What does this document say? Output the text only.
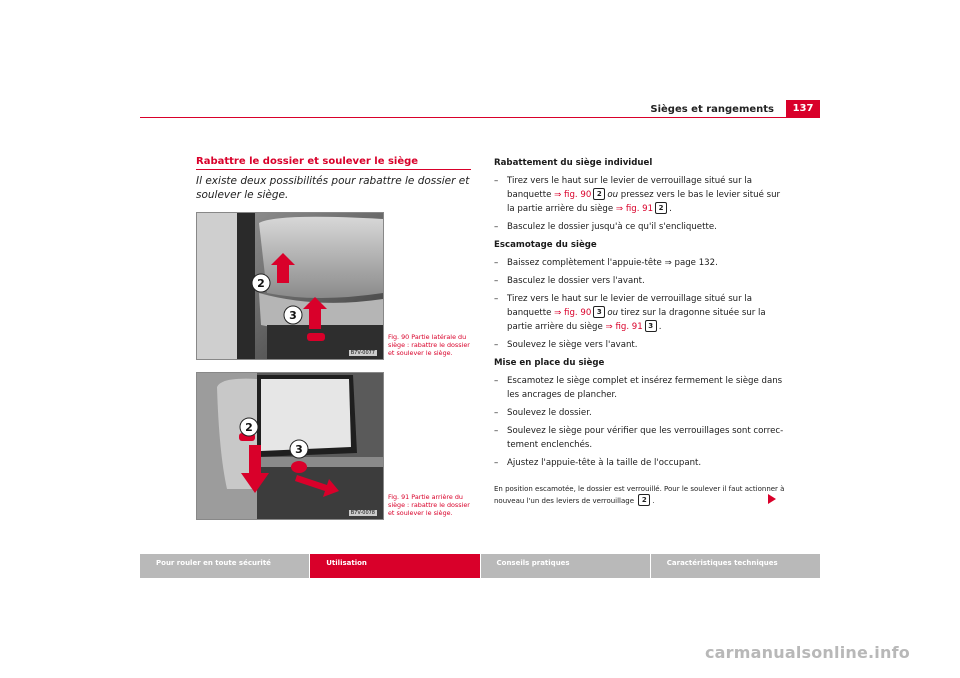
Sièges et rangements	137
Rabattre le dossier et soulever le siège
Il existe deux possibilités pour rabattre le dossier et soulever le siège.
2
3
B7V-0077
Fig. 90 Partie latérale du siège : rabattre le dossier et soulever le siège.
2
3
B7V-0078
Fig. 91 Partie arrière du siège : rabattre le dossier et soulever le siège.
Rabattement du siège individuel
– Tirez vers le haut sur le levier de verrouillage situé sur la banquette ⇒ fig. 90 2 ou pressez vers le bas le levier situé sur la partie arrière du siège ⇒ fig. 91 2 .
– Basculez le dossier jusqu'à ce qu'il s'encliquette.
Escamotage du siège
– Baissez complètement l'appuie-tête ⇒ page 132.
– Basculez le dossier vers l'avant.
– Tirez vers le haut sur le levier de verrouillage situé sur la banquette ⇒ fig. 90 3 ou tirez sur la dragonne située sur la partie arrière du siège ⇒ fig. 91 3 .
– Soulevez le siège vers l'avant.
Mise en place du siège
– Escamotez le siège complet et insérez fermement le siège dans les ancrages de plancher.
– Soulevez le dossier.
– Soulevez le siège pour vérifier que les verrouillages sont correc-tement enclenchés.
– Ajustez l'appuie-tête à la taille de l'occupant.
En position escamotée, le dossier est verrouillé. Pour le soulever il faut actionner à nouveau l'un des leviers de verrouillage 2 .
Pour rouler en toute sécurité	Utilisation	Conseils pratiques	Caractéristiques techniques
carmanualsonline.info
